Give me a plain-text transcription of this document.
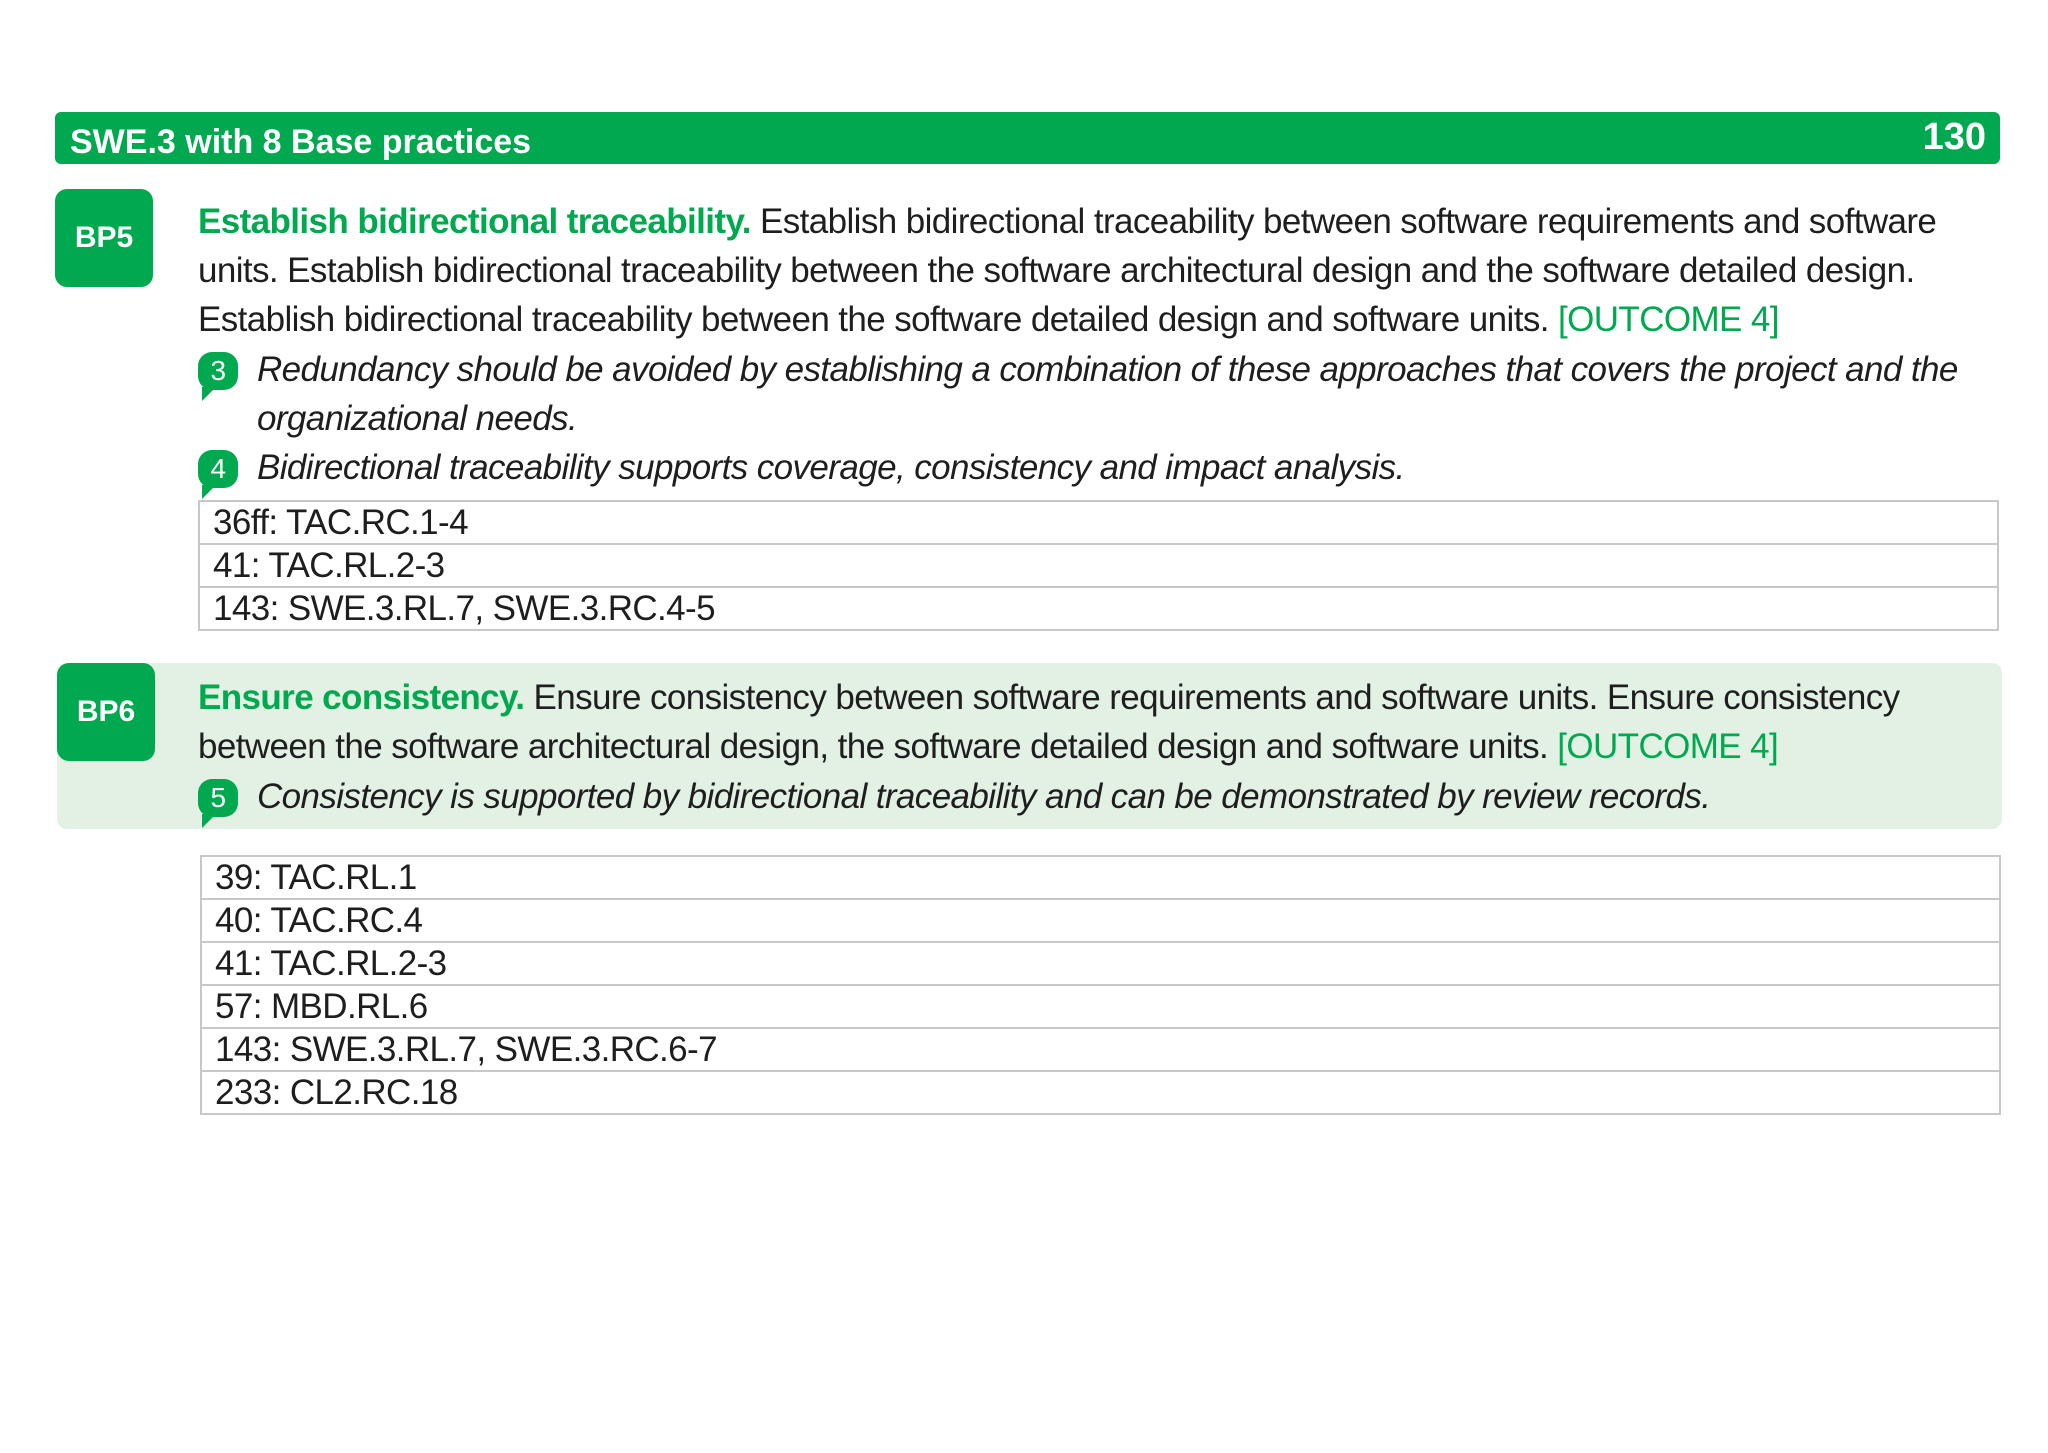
SWE.3 with 8 Base practices	130
BP5	Establish bidirectional traceability. Establish bidirectional traceability between software requirements and software units. Establish bidirectional traceability between the software architectural design and the software detailed design. Establish bidirectional traceability between the software detailed design and software units. [OUTCOME 4]
3 Redundancy should be avoided by establishing a combination of these approaches that covers the project and the organizational needs.
4 Bidirectional traceability supports coverage, consistency and impact analysis.
36ff: TAC.RC.1-4
41: TAC.RL.2-3
143: SWE.3.RL.7, SWE.3.RC.4-5
BP6	Ensure consistency. Ensure consistency between software requirements and software units. Ensure consistency between the software architectural design, the software detailed design and software units. [OUTCOME 4]
5 Consistency is supported by bidirectional traceability and can be demonstrated by review records.
39: TAC.RL.1
40: TAC.RC.4
41: TAC.RL.2-3
57: MBD.RL.6
143: SWE.3.RL.7, SWE.3.RC.6-7
233: CL2.RC.18
